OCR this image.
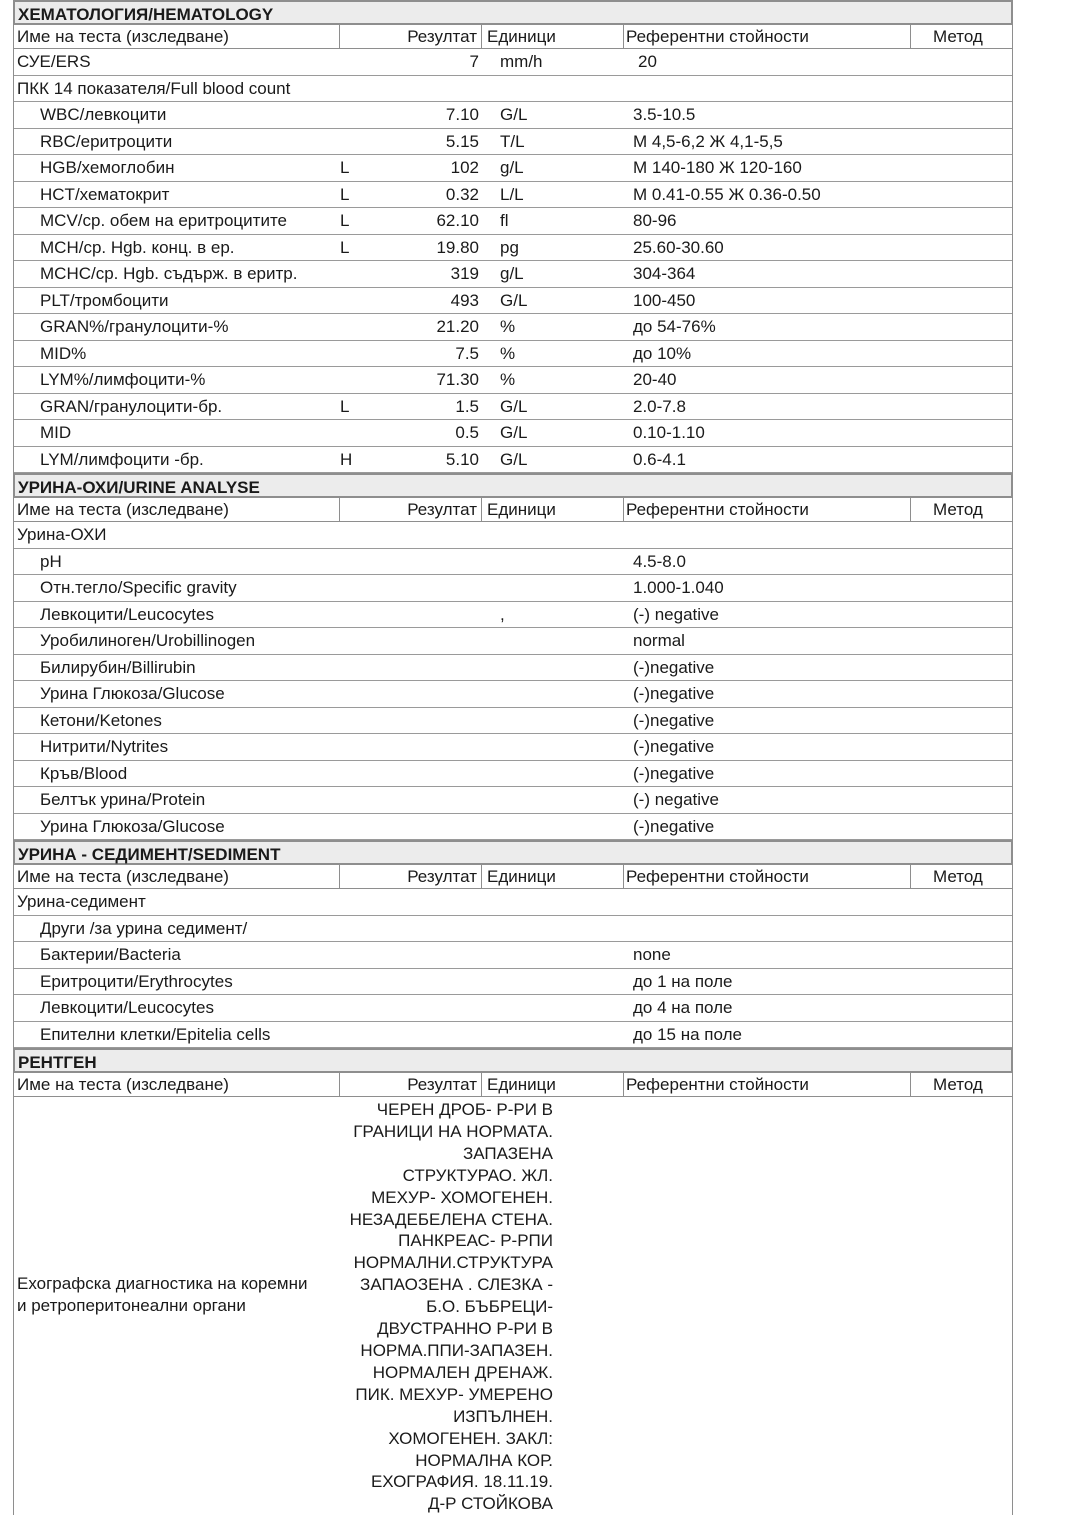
ХЕМАТОЛОГИЯ/HEMATOLOGY
Име на теста (изследване)	Резултат Единици	Референтни стойности	Метод
СУЕ/ERS	7 mm/h	20
ПКК 14 показателя/Full blood count
WBC/левкоцити	7.10 G/L	3.5-10.5
RBC/еритроцити	5.15 T/L	M 4,5-6,2 Ж 4,1-5,5
HGB/хемоглобин	L	102 g/L	M 140-180 Ж 120-160
HCT/хематокрит	L	0.32 L/L	M 0.41-0.55 Ж 0.36-0.50
MCV/ср. обем на еритроцитите	L	62.10 fl	80-96
MCH/ср. Hgb. конц. в ер.	L	19.80 pg	25.60-30.60
MCHC/ср. Hgb. съдърж. в еритр.	319 g/L	304-364
PLT/тромбоцити	493 G/L	100-450
GRAN%/гранулоцити-%	21.20 %	до 54-76%
MID%	7.5 %	до 10%
LYM%/лимфоцити-%	71.30 %	20-40
GRAN/гранулоцити-бр.	L	1.5 G/L	2.0-7.8
MID	0.5 G/L	0.10-1.10
LYM/лимфоцити -бр.	H	5.10 G/L	0.6-4.1
УРИНА-ОХИ/URINE ANALYSE
Име на теста (изследване)	Резултат Единици	Референтни стойности	Метод
Урина-ОХИ
pH	4.5-8.0
Отн.тегло/Specific gravity	1.000-1.040
Левкоцити/Leucocytes	,	(-) negative
Уробилиноген/Urobillinogen	normal
Билирубин/Billirubin	(-)negative
Урина Глюкоза/Glucose	(-)negative
Кетони/Ketones	(-)negative
Нитрити/Nytrites	(-)negative
Кръв/Blood	(-)negative
Белтък урина/Protein	(-) negative
Урина Глюкоза/Glucose	(-)negative
УРИНА - СЕДИМЕНТ/SEDIMENT
Име на теста (изследване)	Резултат Единици	Референтни стойности	Метод
Урина-седимент
Други /за урина седимент/
Бактерии/Bacteria	none
Еритроцити/Erythrocytes	до 1 на поле
Левкоцити/Leucocytes	до 4 на поле
Епителни клетки/Epitelia cells	до 15 на поле
РЕНТГЕН
Име на теста (изследване)	Резултат Единици	Референтни стойности	Метод
Ехографска диагностика на коремни и ретроперитонеални органи
ЧЕРЕН ДРОБ- Р-РИ В
ГРАНИЦИ НА НОРМАТА.
ЗАПАЗЕНА
СТРУКТУРАО. ЖЛ.
МЕХУР- ХОМОГЕНЕН.
НЕЗАДЕБЕЛЕНА СТЕНА.
ПАНКРЕАС- Р-РПИ
НОРМАЛНИ.СТРУКТУРА
ЗАПАОЗЕНА . СЛЕЗКА -
Б.О. БЪБРЕЦИ-
ДВУСТРАННО Р-РИ В
НОРМА.ППИ-ЗАПАЗЕН.
НОРМАЛЕН ДРЕНАЖ.
ПИК. МЕХУР- УМЕРЕНО
ИЗПЪЛНЕН.
ХОМОГЕНЕН. ЗАКЛ:
НОРМАЛНА КОР.
ЕХОГРАФИЯ. 18.11.19.
Д-Р СТОЙКОВА
